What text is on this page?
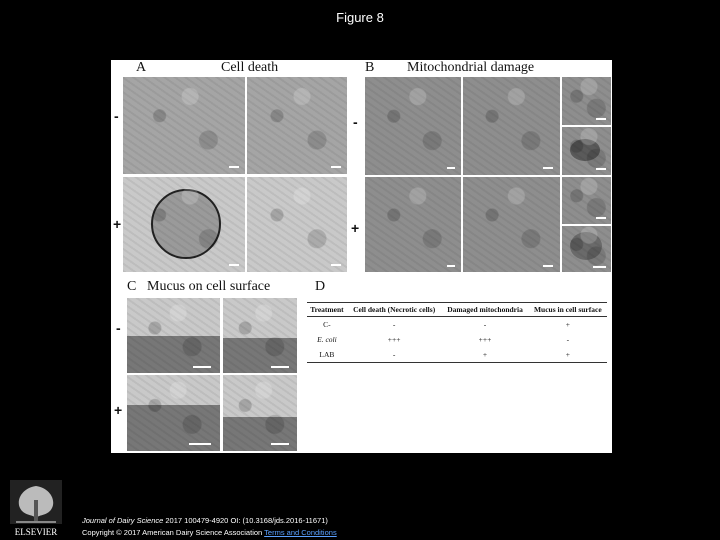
Figure 8
A	Cell death
-
+
B Mitochondrial damage
-
+
C Mucus on cell surface
-
+
D
Treatment	Cell death (Necrotic cells)	Damaged mitochondria	Mucus in cell surface
C-	-	-	+
E. coli	+++	+++	-
LAB	-	+	+
ELSEVIER
Journal of Dairy Science 2017 100479-4920 OI: (10.3168/jds.2016-11671)
Copyright © 2017 American Dairy Science Association Terms and Conditions
